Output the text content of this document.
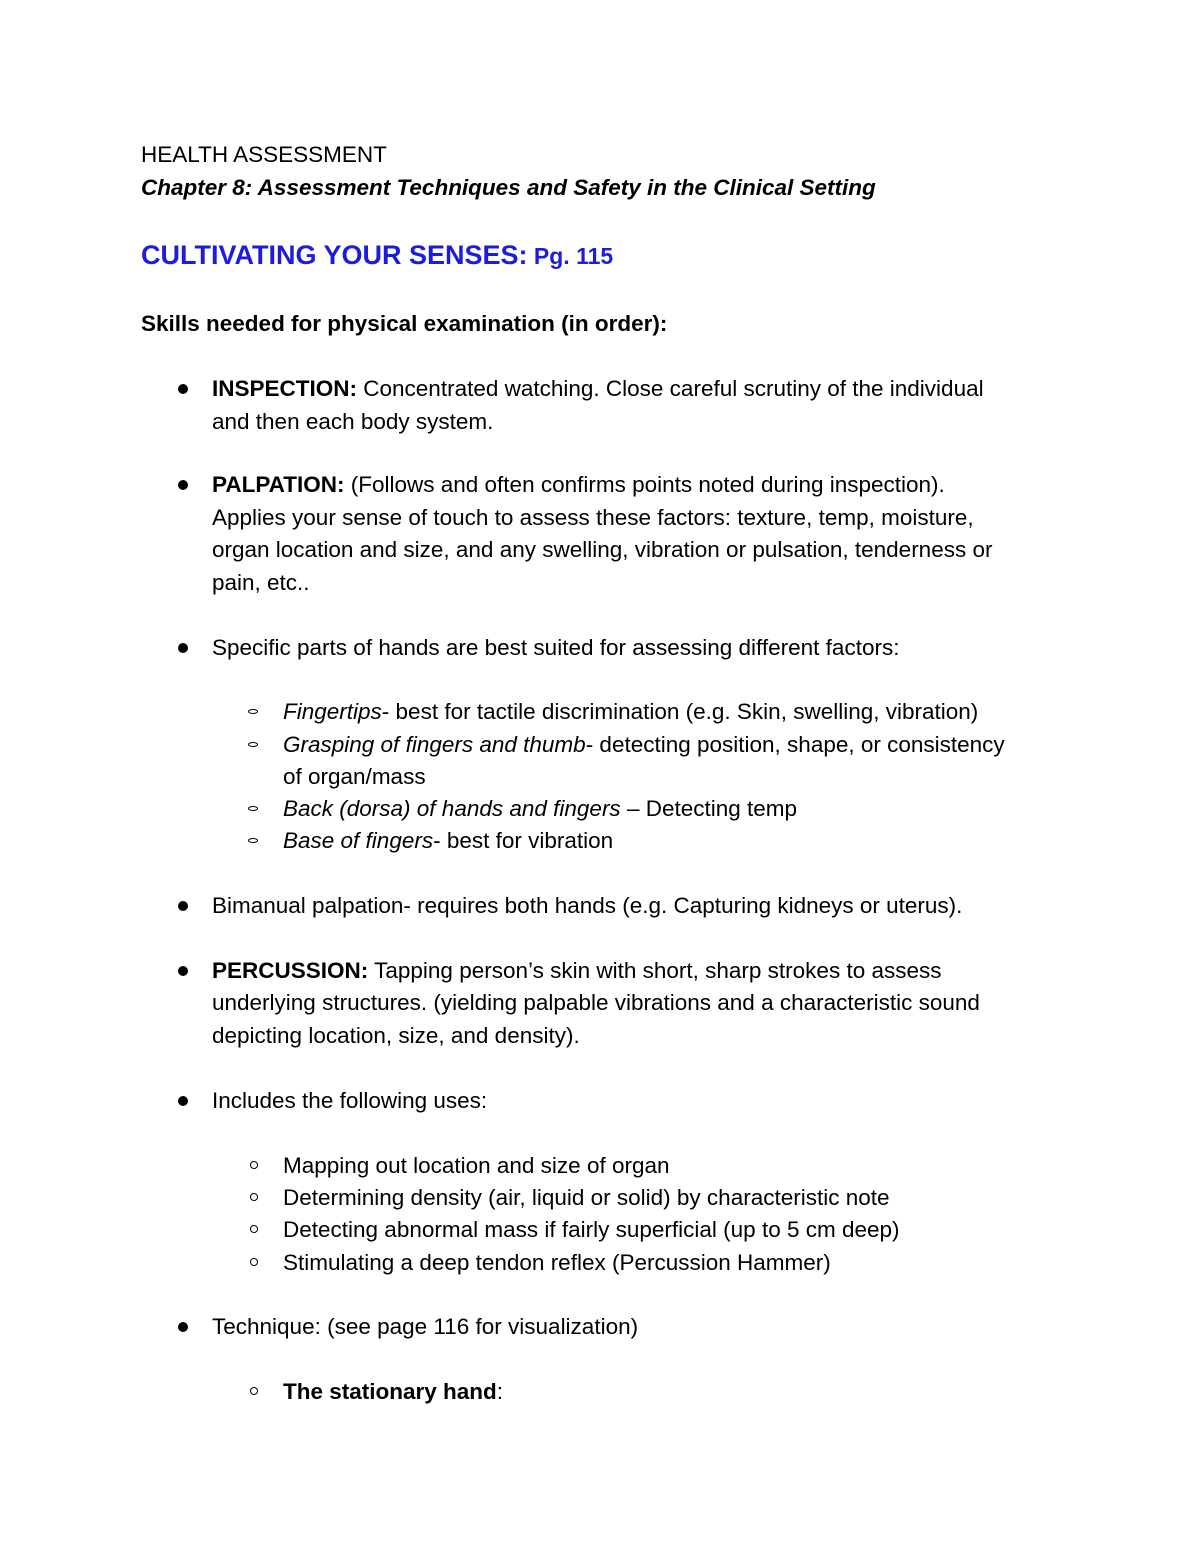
HEALTH ASSESSMENT
Chapter 8: Assessment Techniques and Safety in the Clinical Setting
CULTIVATING YOUR SENSES: Pg. 115
Skills needed for physical examination (in order):
INSPECTION: Concentrated watching. Close careful scrutiny of the individual
and then each body system.
PALPATION: (Follows and often confirms points noted during inspection).
Applies your sense of touch to assess these factors: texture, temp, moisture,
organ location and size, and any swelling, vibration or pulsation, tenderness or
pain, etc..
Specific parts of hands are best suited for assessing different factors:
Fingertips- best for tactile discrimination (e.g. Skin, swelling, vibration)
Grasping of fingers and thumb- detecting position, shape, or consistency
of organ/mass
Back (dorsa) of hands and fingers – Detecting temp
Base of fingers- best for vibration
Bimanual palpation- requires both hands (e.g. Capturing kidneys or uterus).
PERCUSSION: Tapping person’s skin with short, sharp strokes to assess
underlying structures. (yielding palpable vibrations and a characteristic sound
depicting location, size, and density).
Includes the following uses:
Mapping out location and size of organ
Determining density (air, liquid or solid) by characteristic note
Detecting abnormal mass if fairly superficial (up to 5 cm deep)
Stimulating a deep tendon reflex (Percussion Hammer)
Technique: (see page 116 for visualization)
The stationary hand:
